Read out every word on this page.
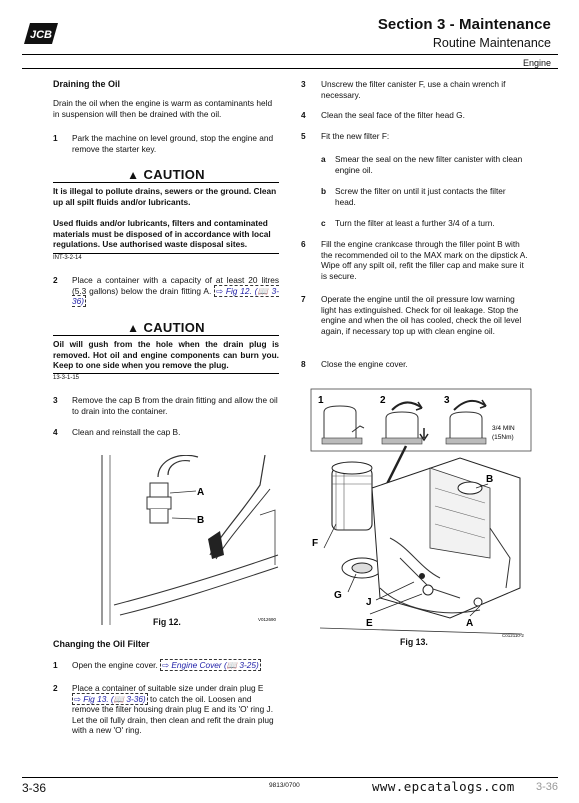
JCB
Section 3 - Maintenance
Routine Maintenance
Engine
Draining the Oil
Drain the oil when the engine is warm as contaminants held in suspension will then be drained with the oil.
1 Park the machine on level ground, stop the engine and remove the starter key.
▲ CAUTION
It is illegal to pollute drains, sewers or the ground. Clean up all spilt fluids and/or lubricants.
Used fluids and/or lubricants, filters and contaminated materials must be disposed of in accordance with local regulations. Use authorised waste disposal sites.
INT-3-2-14
2 Place a container with a capacity of at least 20 litres (5.3 gallons) below the drain fitting A. ⇨ Fig 12. (📖 3-36)
▲ CAUTION
Oil will gush from the hole when the drain plug is removed. Hot oil and engine components can burn you. Keep to one side when you remove the plug.
13-3-1-15
3 Remove the cap B from the drain fitting and allow the oil to drain into the container.
4 Clean and reinstall the cap B.
A
B
V012690
Fig 12.
Changing the Oil Filter
1 Open the engine cover. ⇨ Engine Cover (📖 3-25)
2 Place a container of suitable size under drain plug E
⇨ Fig 13. (📖 3-36) to catch the oil. Loosen and
remove the filter housing drain plug E and its 'O' ring J. Let the oil fully drain, then clean and refit the drain plug with a new 'O' ring.
3 Unscrew the filter canister F, use a chain wrench if necessary.
4 Clean the seal face of the filter head G.
5 Fit the new filter F:
a Smear the seal on the new filter canister with clean engine oil.
b Screw the filter on until it just contacts the filter head.
c Turn the filter at least a further 3/4 of a turn.
6 Fill the engine crankcase through the filler point B with the recommended oil to the MAX mark on the dipstick A. Wipe off any spilt oil, refit the filler cap and make sure it is secure.
7 Operate the engine until the oil pressure low warning light has extinguished. Check for oil leakage. Stop the engine and when the oil has cooled, check the oil level again, if necessary top up with clean engine oil.
8 Close the engine cover.
1	2	3
3/4 MIN
(15Nm)
F
G
J
E
B
A
C012110-2
Fig 13.
3-36	9813/0700	www.epcatalogs.com 3-36
